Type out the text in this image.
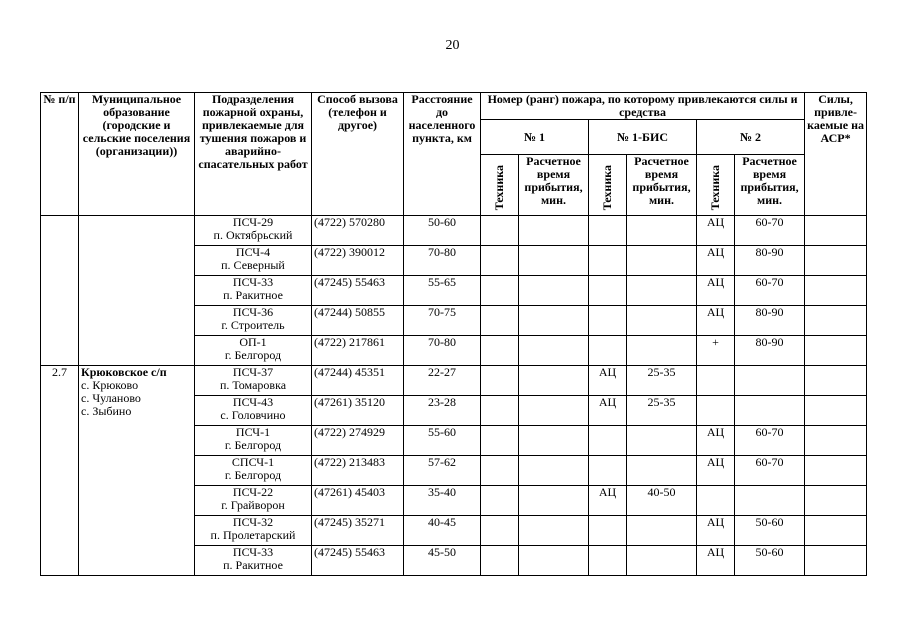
20
№ п/п	Муниципальное образование (городские и сельские поселения (организации))	Подразделения пожарной охраны, привлекаемые для тушения пожаров и аварийно-спасательных работ	Способ вызова (телефон и другое)	Расстояние до населенного пункта, км	Номер (ранг) пожара, по которому привлекаются силы и средства						Силы, привле-каемые на АСР*
					№ 1		№ 1-БИС		№ 2		
					Техника	Расчетное время прибытия, мин.	Техника	Расчетное время прибытия, мин.	Техника	Расчетное время прибытия, мин.	

		ПСЧ-29
п. Октябрьский	(4722) 570280	50-60					АЦ	60-70	

		ПСЧ-4
п. Северный	(4722) 390012	70-80					АЦ	80-90	

		ПСЧ-33
п. Ракитное	(47245) 55463	55-65					АЦ	60-70	

		ПСЧ-36
г. Строитель	(47244) 50855	70-75					АЦ	80-90	

		ОП-1
г. Белгород	(4722) 217861	70-80					+	80-90	
2.7	Крюковское с/п
с. Крюково
с. Чуланово
с. Зыбино	ПСЧ-37
п. Томаровка	(47244) 45351	22-27			АЦ	25-35			

		ПСЧ-43
с. Головчино	(47261) 35120	23-28			АЦ	25-35			

		ПСЧ-1
г. Белгород	(4722) 274929	55-60					АЦ	60-70	

		СПСЧ-1
г. Белгород	(4722) 213483	57-62					АЦ	60-70	

		ПСЧ-22
г. Грайворон	(47261) 45403	35-40			АЦ	40-50			

		ПСЧ-32
п. Пролетарский	(47245) 35271	40-45					АЦ	50-60	

		ПСЧ-33
п. Ракитное	(47245) 55463	45-50					АЦ	50-60	
